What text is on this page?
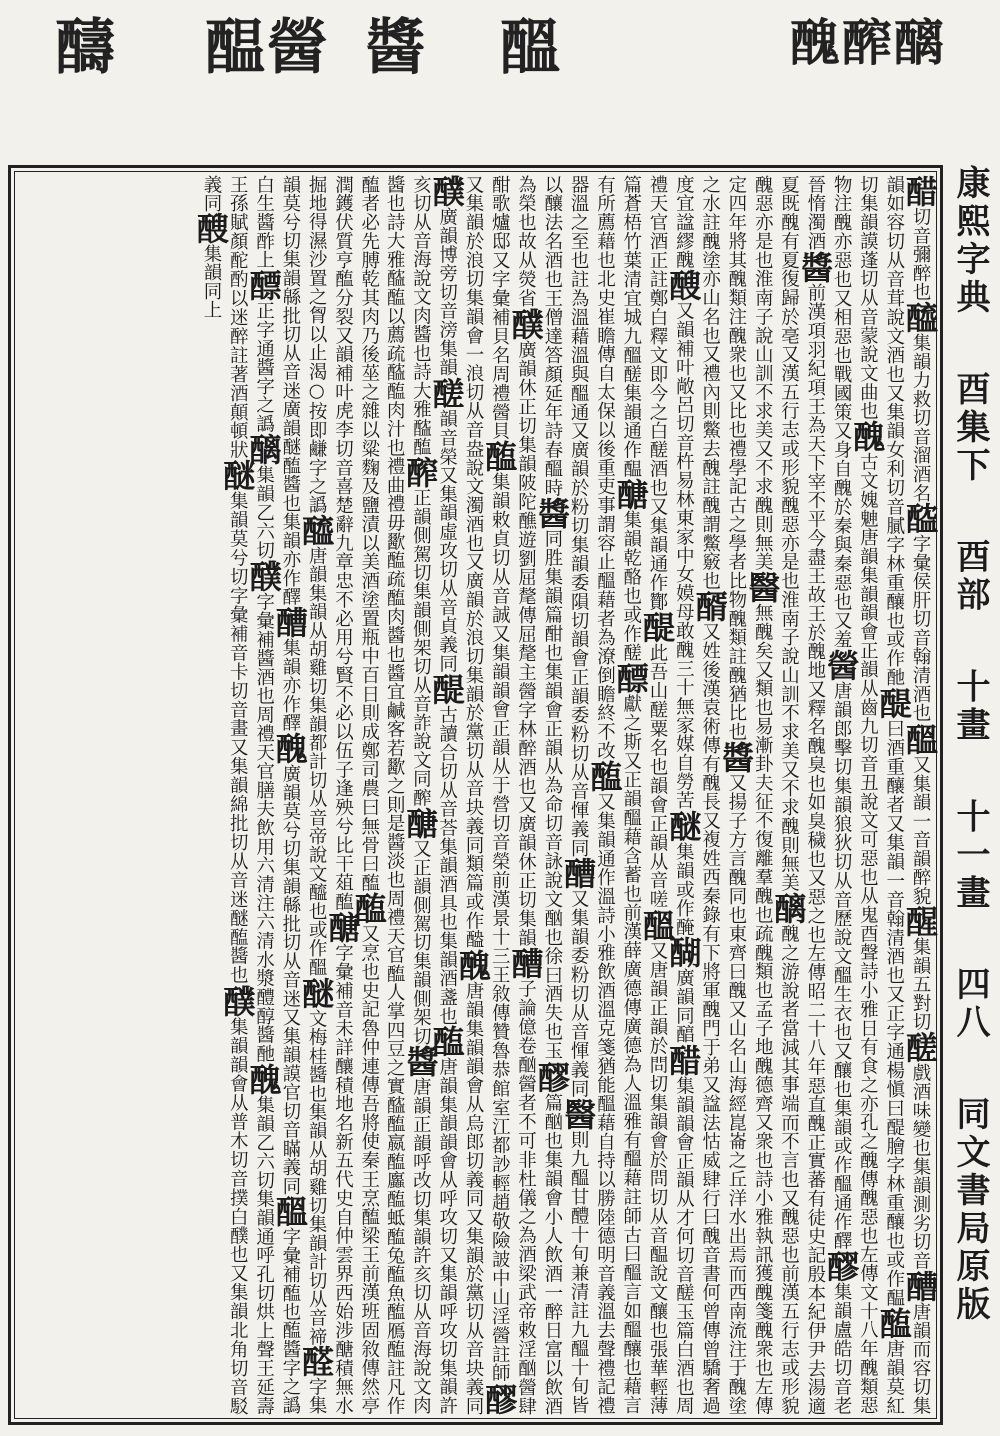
醻 醖醟 醬 醞	醜醡醨
康熙字典　 酉集下　 酉部　 十畫　 十一畫　 四八　 同文書局原版
醋切音彌醉也醯集韻力救切音溜酒名醓字彙侯肝切音翰清酒也醞又集韻一音韻醉貌醒集韻五對切醝戲酒味變也集韻測劣切音醩唐韻而容切集韻如容切从音茸說文酒也又集韻女利切音膩字林重釀也或作酏醍曰酒重釀者又集韻一音翰清酒也又正字通楊愼曰醍膾字林重釀也或作醖醢唐韻莫紅切集韻謨蓬切从音蒙說文曲也醜古文媿䰠唐韻集韻韻會正韻从齒九切音丑說文可惡也从鬼酉聲詩小雅日有食之亦孔之醜傳醜惡也左傳文十八年醜類惡物注醜亦惡也又相惡也戰國策又身自醜於秦與秦惡也又羞醟唐韻郎擊切集韻狼狄切从音歷說文醞生衣也又釀也集韻或作醞通作醳醪集韻盧皓切音老晉惰濁酒醬前漢項羽紀項王為天下宰不平今盡王故王於醜地又釋名醜臭也如臭穢也又惡之也左傳昭二十八年惡直醜正實蕃有徒史記殷本紀伊尹去湯適夏既醜有夏復歸於亳又漢五行志或形貌醜惡亦是也淮南子說山訓不求美又不求醜則無美醨醜之游說者當減其事端而不言也又醜惡也前漢五行志或形貌醜惡亦是也淮南子說山訓不求美又不求醜則無美醫無醜矣又類也易漸卦夫征不復離羣醜也疏醜類也孟子地醜德齊又衆也詩小雅執訊獲醜箋醜衆也左傳定四年將其醜類注醜衆也又比也禮學記古之學者比物醜類註醜猶比也醬又揚子方言醜同也東齊曰醜又山名山海經崑崙之丘洋水出焉而西南流注于醜塗之水註醜塗亦山名也又禮內則鱉去醜註醜謂鱉竅也醑又姓後漢袁術傳有醜長又複姓西秦錄有下將軍醜門于弟又諡法怙威肆行曰醜音書何曾傳曾驕奢過度宜諡繆醜醙又韻補叶敞呂切音杵易林東家中女嫫母敢醜三十無家媒自勞苦醚集韻或作醃醐廣韻同醕醋集韻韻會正韻从才何切音醝玉篇白酒也周禮天官酒正註鄭白釋文即今之白醝酒也又集韻通作酇醍此吾山醝粟名也韻會正韻从音嗟醞又唐韻正韻於問切集韻會於問切从音醖說文釀也張華輕薄篇蒼梧竹葉清宜城九醞醝集韻通作醖醣集韻乾酪也或作醝醥獻之斯又正韻醞藉含蓄也前漢薛廣德傳廣德為人溫雅有醞藉註師古曰醞言如醞釀也藉言有所薦藉也北史崔瞻傳自太保以後重吏事謂容止醞藉者為潦倒瞻終不改醢又集韻通作溫詩小雅飲酒溫克箋猶能醞藉自持以勝陸德明音義溫去聲禮記禮器溫之至也註為溫藉溫與醞通又廣韻於粉切集韻委隕切韻會正韻委粉切从音惲義同醩又集韻委粉切从音惲義同醫則九醞甘醴十旬兼清註九醞十旬皆以釀法名酒也王僧達答顏延年詩春醞時醬同胜集韻篇酣也集韻會正韻从為命切音詠說文酗也徐曰酒失也玉醪篇酗也集韻會小人飲酒一醉日富以飲酒為榮也故从熒省醭廣韻休正切集韻陂陀醮遊劉屈氂傳屈氂主醟字林醉酒也又廣韻休正切集韻醩子論億卷酗醟者不可非杜儀之為酒梁武帝敕淫酗醟肆酣歌爐邸又字彙補貝名周禮醟貝醢集韻敕貞切从音誠又集韻韻會正韻从于營切音榮前漢景十三王敘傳贊魯恭館室江都訬輕趙敬險詖中山淫醟註師醪又集韻於浪切集韻會一浪切从音盎說文濁酒也又廣韻於浪切集韻於黨切从音块義同類篇或作醠醜唐韻集韻韻會从烏郎切義同又集韻於黨切从音块義同醭廣韻博旁切音滂集韻醝韻音榮又集韻虛攻切从音貞義同醍古讀合切从音荅集韻酒具也集韻酒盞也醢唐韻集韻韻會从呼攻切又集韻呼攻切集韻許亥切从音海說文肉醬也詩大雅醓醢醡正韻側駕切集韻側架切从音詐說文同醡醣又正韻側駕切集韻側架切醬唐韻正韻呼改切集韻許亥切从音海說文肉醬也詩大雅醓醢以薦疏醓醢肉汁也禮曲禮毋歠醢疏醢肉醬也醬宜鹹客若歠之則是醬淡也周禮天官醢人掌四豆之實醓醢嬴醢蠯醢蚳醢兔醢魚醢鴈醢註凡作醢者必先膊乾其肉乃後莝之雜以粱麴及鹽漬以美酒塗置瓶中百日則成鄭司農曰無骨曰醢醢又烹也史記魯仲連傳吾將使秦王烹醢梁王前漢班固敘傳然亭潤鑊伏質亨醢分裂又韻補叶虎李切音喜楚辭九章忠不必用兮賢不必以伍子逢殃兮比干葅醢醣字彙補音未詳釀積地名新五代史自仲雲界西始涉醣積無水掘地得濕沙置之胷以止渴○按即鹻字之譌醯唐韻集韻从胡雞切集韻都計切从音帝說文醯也或作醞醚文梅桂醬也集韻从胡雞切集韻計切从音禘醛字集韻莫兮切集韻緜批切从音迷廣韻醚醢醬也集韻亦作醳醩集韻亦作醳醜廣韻莫兮切集韻緜批切从音迷又集韻謨官切音瞞義同醞字彙補醢也醢醬字之譌白生醬酢上醥正字通醬字之譌醨集韻乙六切醭字彙補醬酒也周禮天官膳夫飲用六清注六清水漿醴醇醬酏醜集韻乙六切集韻通呼孔切烘上聲王延壽王孫賦顏酡酌以迷醉註著酒顛頓狀醚集韻莫兮切字彙補音卡切音畫又集韻綿批切从音迷醚醢醬也醭集韻韻會从普木切音撲白醭也又集韻北角切音駁義同醙集韻同上
